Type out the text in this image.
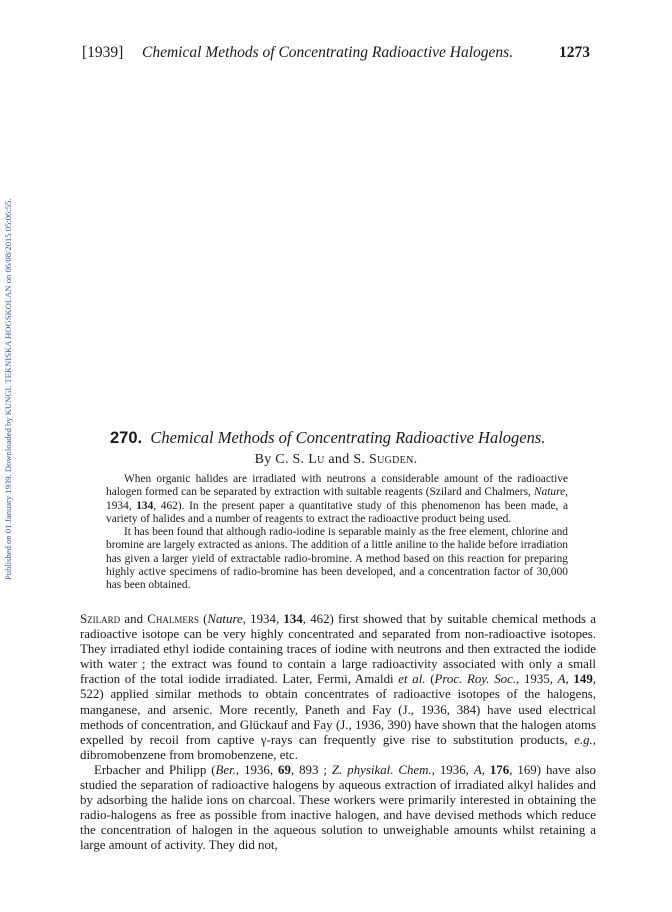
Published on 01 January 1939. Downloaded by KUNGL TEKNISKA HOGSKOLAN on 06/08/2015 05:06:55.
[1939] Chemical Methods of Concentrating Radioactive Halogens.	1273
270. Chemical Methods of Concentrating Radioactive Halogens.
By C. S. Lu and S. Sugden.

When organic halides are irradiated with neutrons a considerable amount of the radioactive halogen formed can be separated by extraction with suitable reagents (Szilard and Chalmers, Nature, 1934, 134, 462). In the present paper a quantitative study of this phenomenon has been made, a variety of halides and a number of reagents to extract the radioactive product being used.

It has been found that although radio-iodine is separable mainly as the free element, chlorine and bromine are largely extracted as anions. The addition of a little aniline to the halide before irradiation has given a larger yield of extractable radio-bromine. A method based on this reaction for preparing highly active specimens of radio-bromine has been developed, and a concentration factor of 30,000 has been obtained.

Szilard and Chalmers (Nature, 1934, 134, 462) first showed that by suitable chemical methods a radioactive isotope can be very highly concentrated and separated from non-radioactive isotopes. They irradiated ethyl iodide containing traces of iodine with neutrons and then extracted the iodide with water ; the extract was found to contain a large radioactivity associated with only a small fraction of the total iodide irradiated. Later, Fermi, Amaldi et al. (Proc. Roy. Soc., 1935, A, 149, 522) applied similar methods to obtain concentrates of radioactive isotopes of the halogens, manganese, and arsenic. More recently, Paneth and Fay (J., 1936, 384) have used electrical methods of concentration, and Glückauf and Fay (J., 1936, 390) have shown that the halogen atoms expelled by recoil from captive γ-rays can frequently give rise to substitution products, e.g., dibromobenzene from bromobenzene, etc.

Erbacher and Philipp (Ber., 1936, 69, 893 ; Z. physikal. Chem., 1936, A, 176, 169) have also studied the separation of radioactive halogens by aqueous extraction of irradiated alkyl halides and by adsorbing the halide ions on charcoal. These workers were primarily interested in obtaining the radio-halogens as free as possible from inactive halogen, and have devised methods which reduce the concentration of halogen in the aqueous solution to unweighable amounts whilst retaining a large amount of activity. They did not,
